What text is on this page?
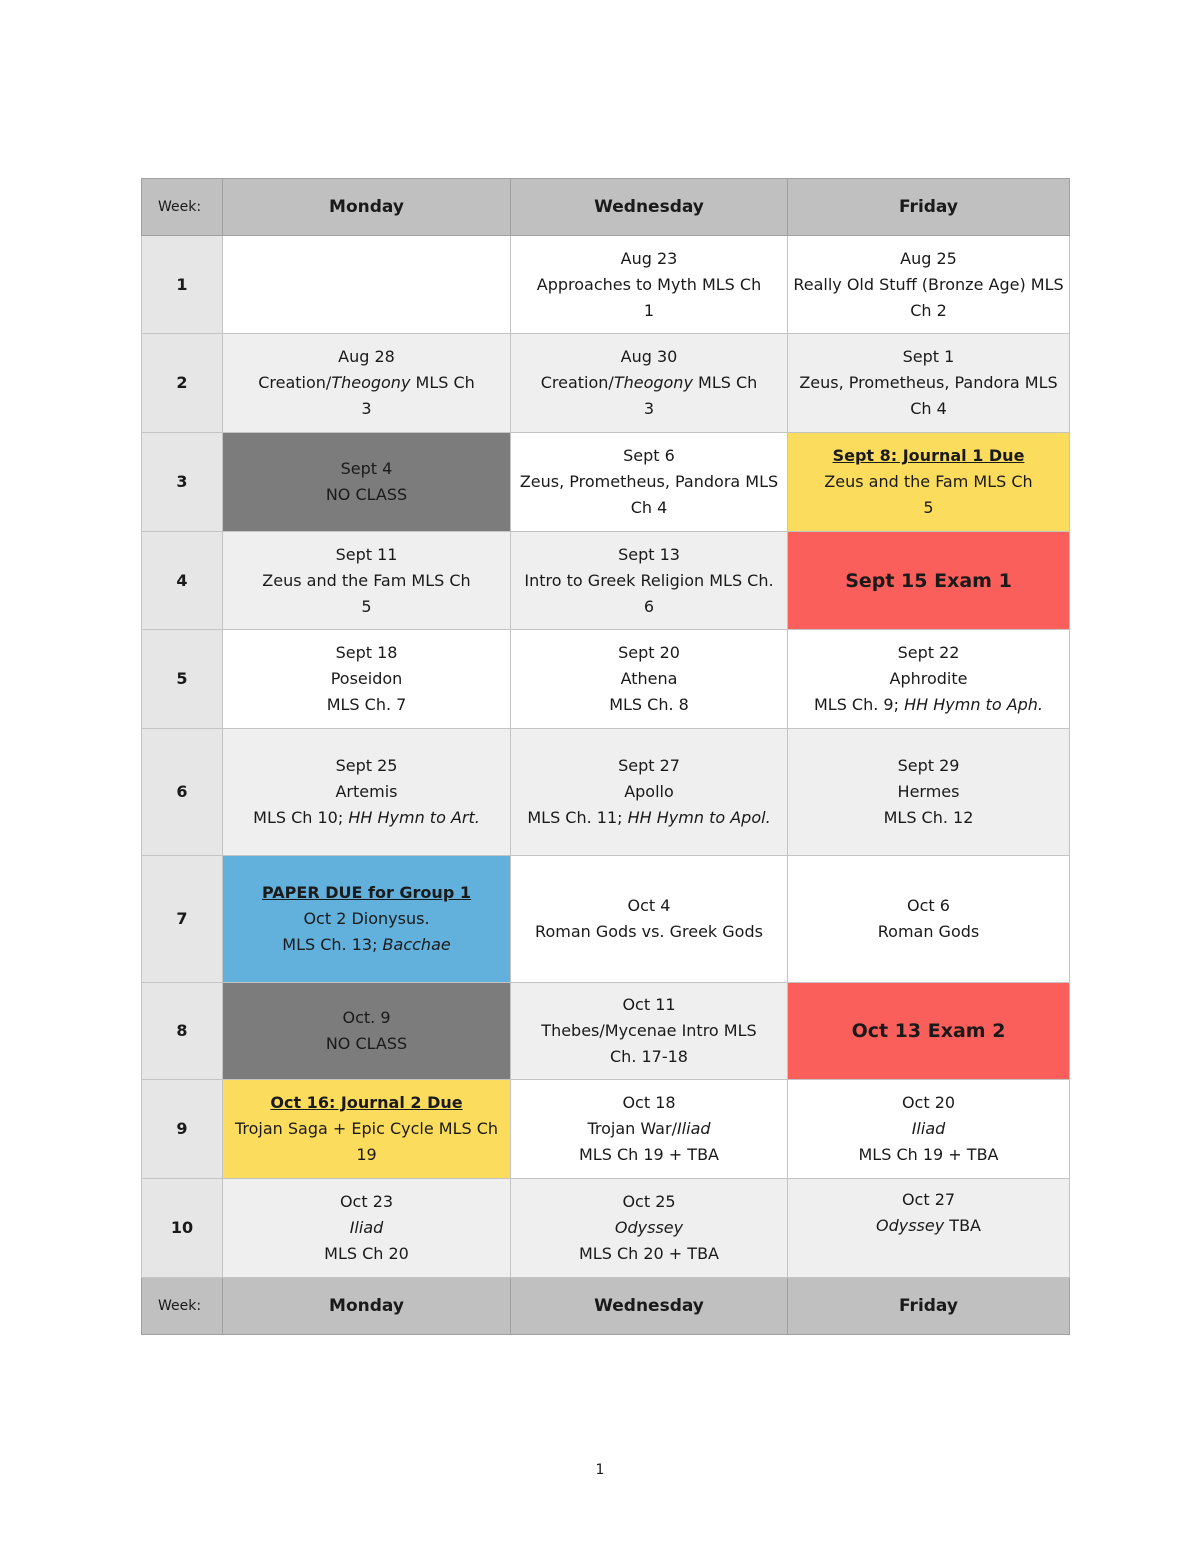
Week:	Monday	Wednesday	Friday
1		Aug 23
Approaches to Myth MLS Ch
1	Aug 25
Really Old Stuff (Bronze Age) MLS
Ch 2

2	Aug 28
Creation/Theogony MLS Ch
3	Aug 30
Creation/Theogony MLS Ch
3	Sept 1
Zeus, Prometheus, Pandora MLS
Ch 4

3	Sept 4
NO CLASS	Sept 6
Zeus, Prometheus, Pandora MLS
Ch 4	Sept 8: Journal 1 Due
Zeus and the Fam MLS Ch
5

4	Sept 11
Zeus and the Fam MLS Ch
5	Sept 13
Intro to Greek Religion MLS Ch.
6	Sept 15 Exam 1

5	Sept 18
Poseidon
MLS Ch. 7	Sept 20
Athena
MLS Ch. 8	Sept 22
Aphrodite
MLS Ch. 9; HH Hymn to Aph.

6	Sept 25
Artemis
MLS Ch 10; HH Hymn to Art.	Sept 27
Apollo
MLS Ch. 11; HH Hymn to Apol.	Sept 29
Hermes
MLS Ch. 12

7	PAPER DUE for Group 1
Oct 2 Dionysus.
MLS Ch. 13; Bacchae	Oct 4
Roman Gods vs. Greek Gods	Oct 6
Roman Gods

8	Oct. 9
NO CLASS	Oct 11
Thebes/Mycenae Intro MLS
Ch. 17-18	Oct 13 Exam 2

9	Oct 16: Journal 2 Due
Trojan Saga + Epic Cycle MLS Ch
19	Oct 18
Trojan War/Iliad
MLS Ch 19 + TBA	Oct 20
Iliad
MLS Ch 19 + TBA

10	Oct 23
Iliad
MLS Ch 20	Oct 25
Odyssey
MLS Ch 20 + TBA	Oct 27
Odyssey TBA

Week:	Monday	Wednesday	Friday
1
